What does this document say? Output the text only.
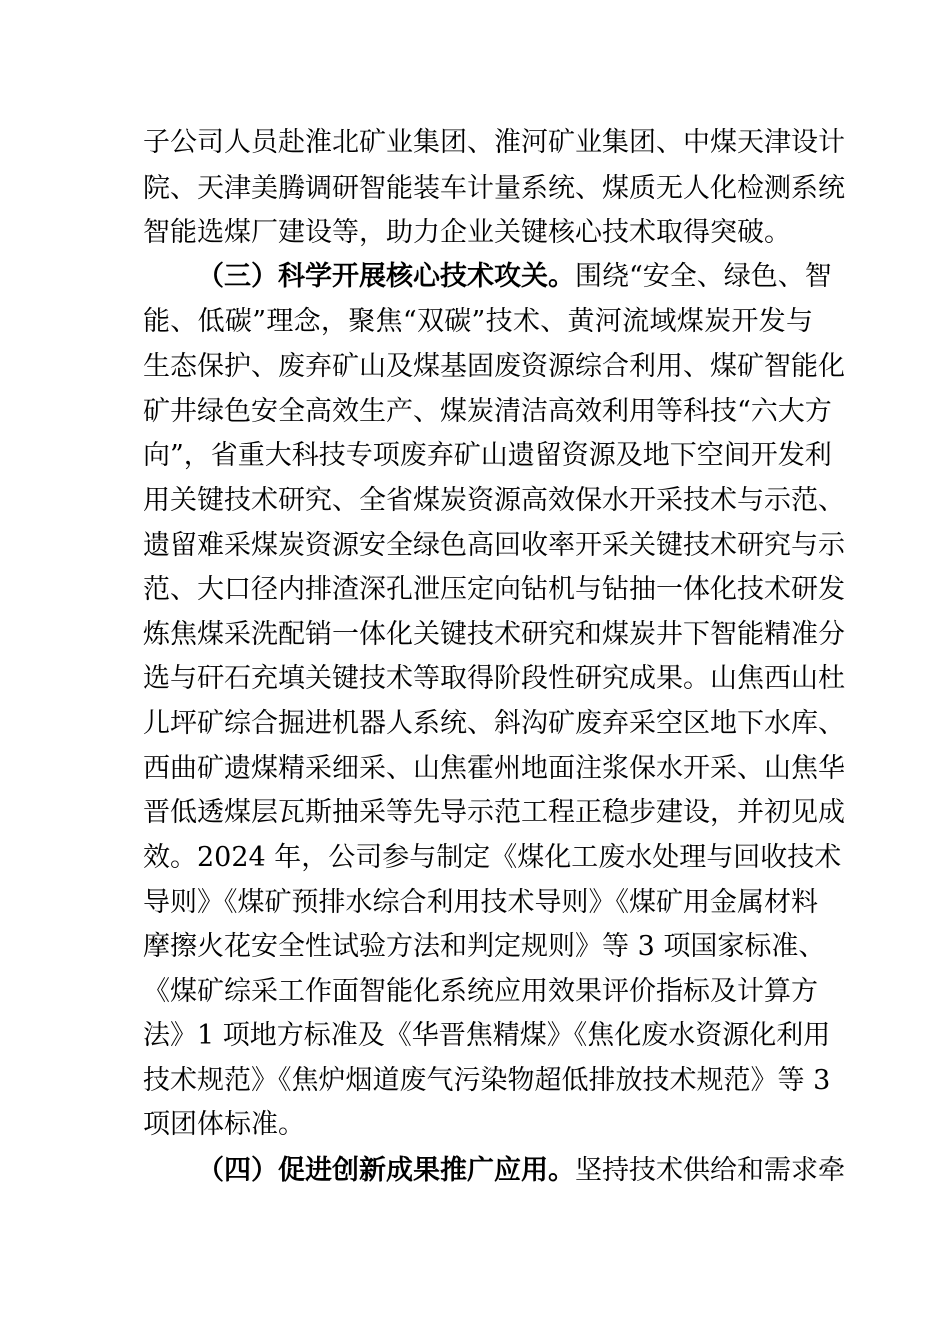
子公司人员赴淮北矿业集团、淮河矿业集团、中煤天津设计
院、天津美腾调研智能装车计量系统、煤质无人化检测系统
智能选煤厂建设等，助力企业关键核心技术取得突破。
（三）科学开展核心技术攻关。围绕“安全、绿色、智
能、低碳”理念，聚焦“双碳”技术、黄河流域煤炭开发与
生态保护、废弃矿山及煤基固废资源综合利用、煤矿智能化
矿井绿色安全高效生产、煤炭清洁高效利用等科技“六大方
向”，省重大科技专项废弃矿山遗留资源及地下空间开发利
用关键技术研究、全省煤炭资源高效保水开采技术与示范、
遗留难采煤炭资源安全绿色高回收率开采关键技术研究与示
范、大口径内排渣深孔泄压定向钻机与钻抽一体化技术研发
炼焦煤采洗配销一体化关键技术研究和煤炭井下智能精准分
选与矸石充填关键技术等取得阶段性研究成果。山焦西山杜
儿坪矿综合掘进机器人系统、斜沟矿废弃采空区地下水库、
西曲矿遗煤精采细采、山焦霍州地面注浆保水开采、山焦华
晋低透煤层瓦斯抽采等先导示范工程正稳步建设，并初见成
效。2024 年，公司参与制定《煤化工废水处理与回收技术
导则》《煤矿预排水综合利用技术导则》《煤矿用金属材料
摩擦火花安全性试验方法和判定规则》等 3 项国家标准、
《煤矿综采工作面智能化系统应用效果评价指标及计算方
法》1 项地方标准及《华晋焦精煤》《焦化废水资源化利用
技术规范》《焦炉烟道废气污染物超低排放技术规范》等 3
项团体标准。
（四）促进创新成果推广应用。坚持技术供给和需求牵
